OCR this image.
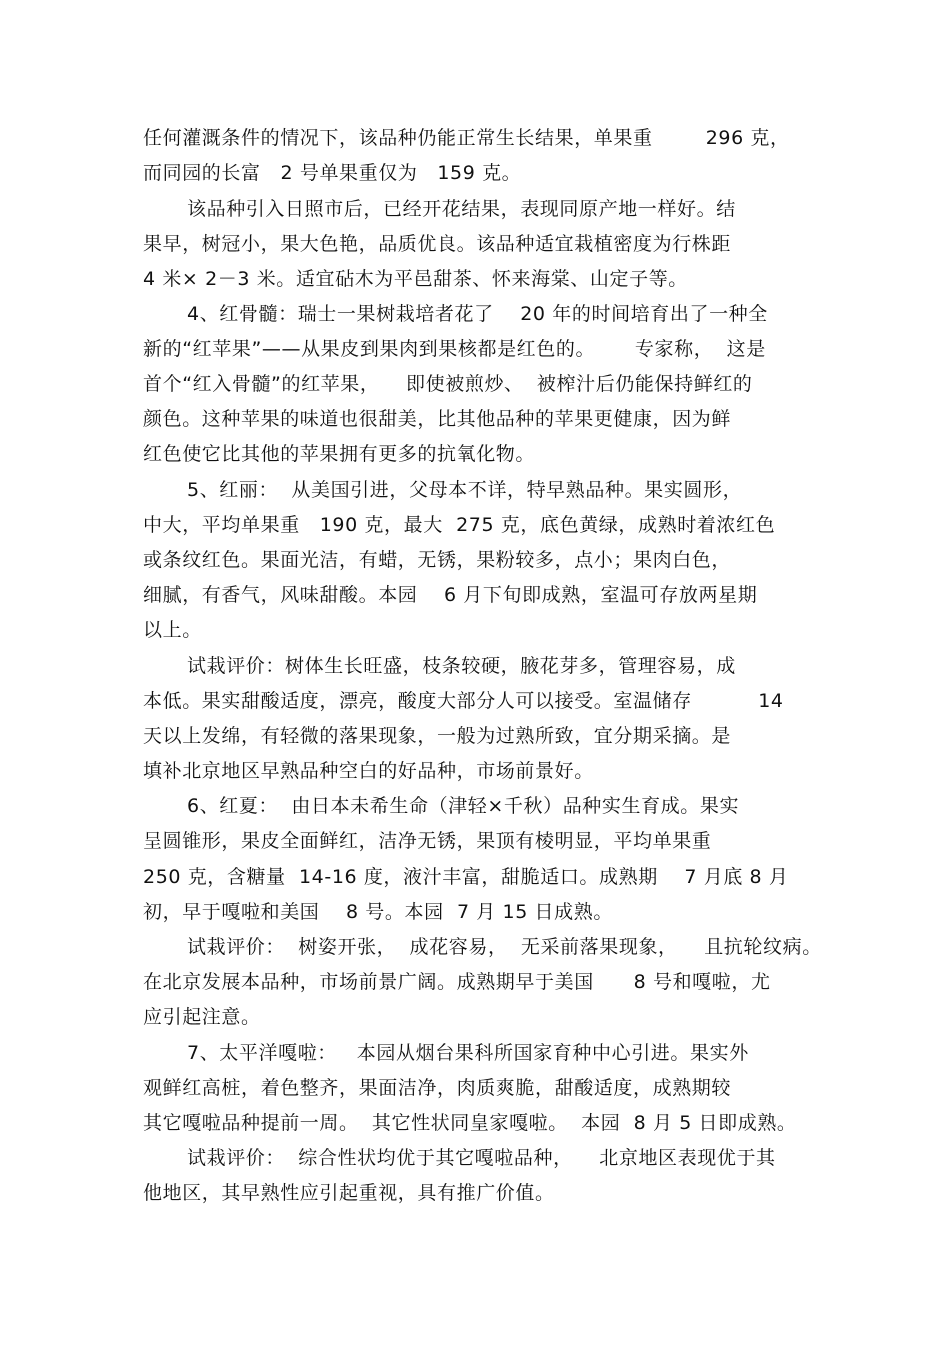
任何灌溉条件的情况下，该品种仍能正常生长结果，单果重        296 克，
而同园的长富   2 号单果重仅为   159 克。
该品种引入日照市后，已经开花结果，表现同原产地一样好。结
果早，树冠小，果大色艳，品质优良。该品种适宜栽植密度为行株距
4 米× 2－3 米。适宜砧木为平邑甜茶、怀来海棠、山定子等。
4、红骨髓：瑞士一果树栽培者花了    20 年的时间培育出了一种全
新的“红苹果”——从果皮到果肉到果核都是红色的。      专家称，  这是
首个“红入骨髓”的红苹果，    即使被煎炒、  被榨汁后仍能保持鲜红的
颜色。这种苹果的味道也很甜美，比其他品种的苹果更健康，因为鲜
红色使它比其他的苹果拥有更多的抗氧化物。
5、红丽：  从美国引进，父母本不详，特早熟品种。果实圆形，
中大，平均单果重   190 克，最大  275 克，底色黄绿，成熟时着浓红色
或条纹红色。果面光洁，有蜡，无锈，果粉较多，点小；果肉白色，
细腻，有香气，风味甜酸。本园    6 月下旬即成熟，室温可存放两星期
以上。
试栽评价：树体生长旺盛，枝条较硬，腋花芽多，管理容易，成
本低。果实甜酸适度，漂亮，酸度大部分人可以接受。室温储存          14
天以上发绵，有轻微的落果现象，一般为过熟所致，宜分期采摘。是
填补北京地区早熟品种空白的好品种，市场前景好。
6、红夏：  由日本未希生命（津轻×千秋）品种实生育成。果实
呈圆锥形，果皮全面鲜红，洁净无锈，果顶有棱明显，平均单果重
250 克，含糖量  14-16 度，液汁丰富，甜脆适口。成熟期    7 月底 8 月
初，早于嘎啦和美国    8 号。本园  7 月 15 日成熟。
试栽评价：  树姿开张，  成花容易，  无采前落果现象，    且抗轮纹病。
在北京发展本品种，市场前景广阔。成熟期早于美国      8 号和嘎啦，尤
应引起注意。
7、太平洋嘎啦：   本园从烟台果科所国家育种中心引进。果实外
观鲜红高桩，着色整齐，果面洁净，肉质爽脆，甜酸适度，成熟期较
其它嘎啦品种提前一周。  其它性状同皇家嘎啦。  本园  8 月 5 日即成熟。
试栽评价：  综合性状均优于其它嘎啦品种，    北京地区表现优于其
他地区，其早熟性应引起重视，具有推广价值。
